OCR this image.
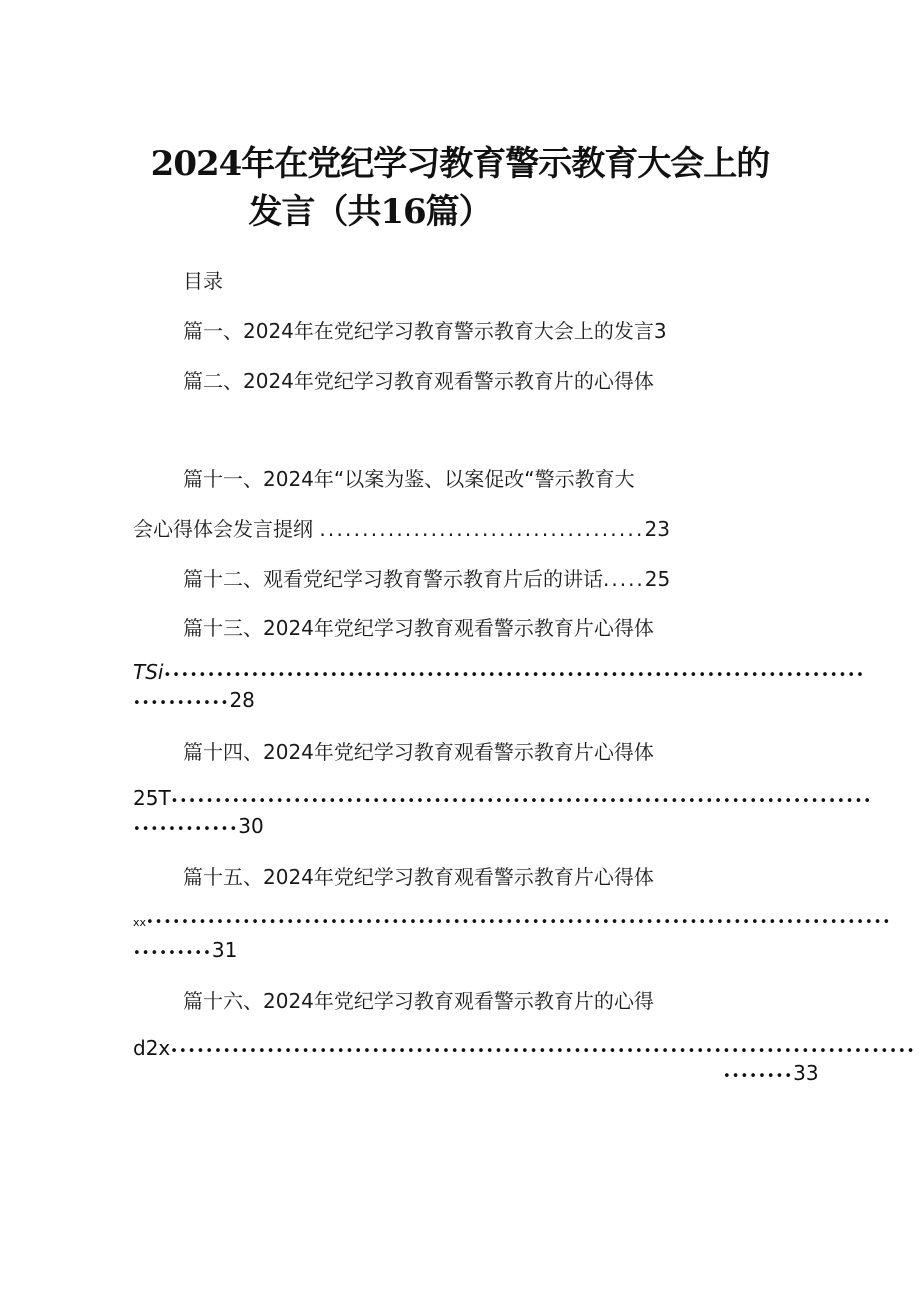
2024年在党纪学习教育警示教育大会上的
发言（共16篇）
目录
篇一、2024年在党纪学习教育警示教育大会上的发言3
篇二、2024年党纪学习教育观看警示教育片的心得体
篇十一、2024年“以案为鉴、以案促改“警示教育大
会心得体会发言提纲 ......................................23
篇十二、观看党纪学习教育警示教育片后的讲话.....25
篇十三、2024年党纪学习教育观看警示教育片心得体
TSi••••••••••••••••••••••••••••••••••••••••••••••••••••••••••••••••••••••••••••••••
•••••••••••28
篇十四、2024年党纪学习教育观看警示教育片心得体
25T••••••••••••••••••••••••••••••••••••••••••••••••••••••••••••••••••••••••••••••••
••••••••••••30
篇十五、2024年党纪学习教育观看警示教育片心得体
xx•••••••••••••••••••••••••••••••••••••••••••••••••••••••••••••••••••••••••••••••••••••
•••••••••31
篇十六、2024年党纪学习教育观看警示教育片的心得
d2x•••••••••••••••••••••••••••••••••••••••••••••••••••••••••••••••••••••••••••••••••••••
••••••••33
